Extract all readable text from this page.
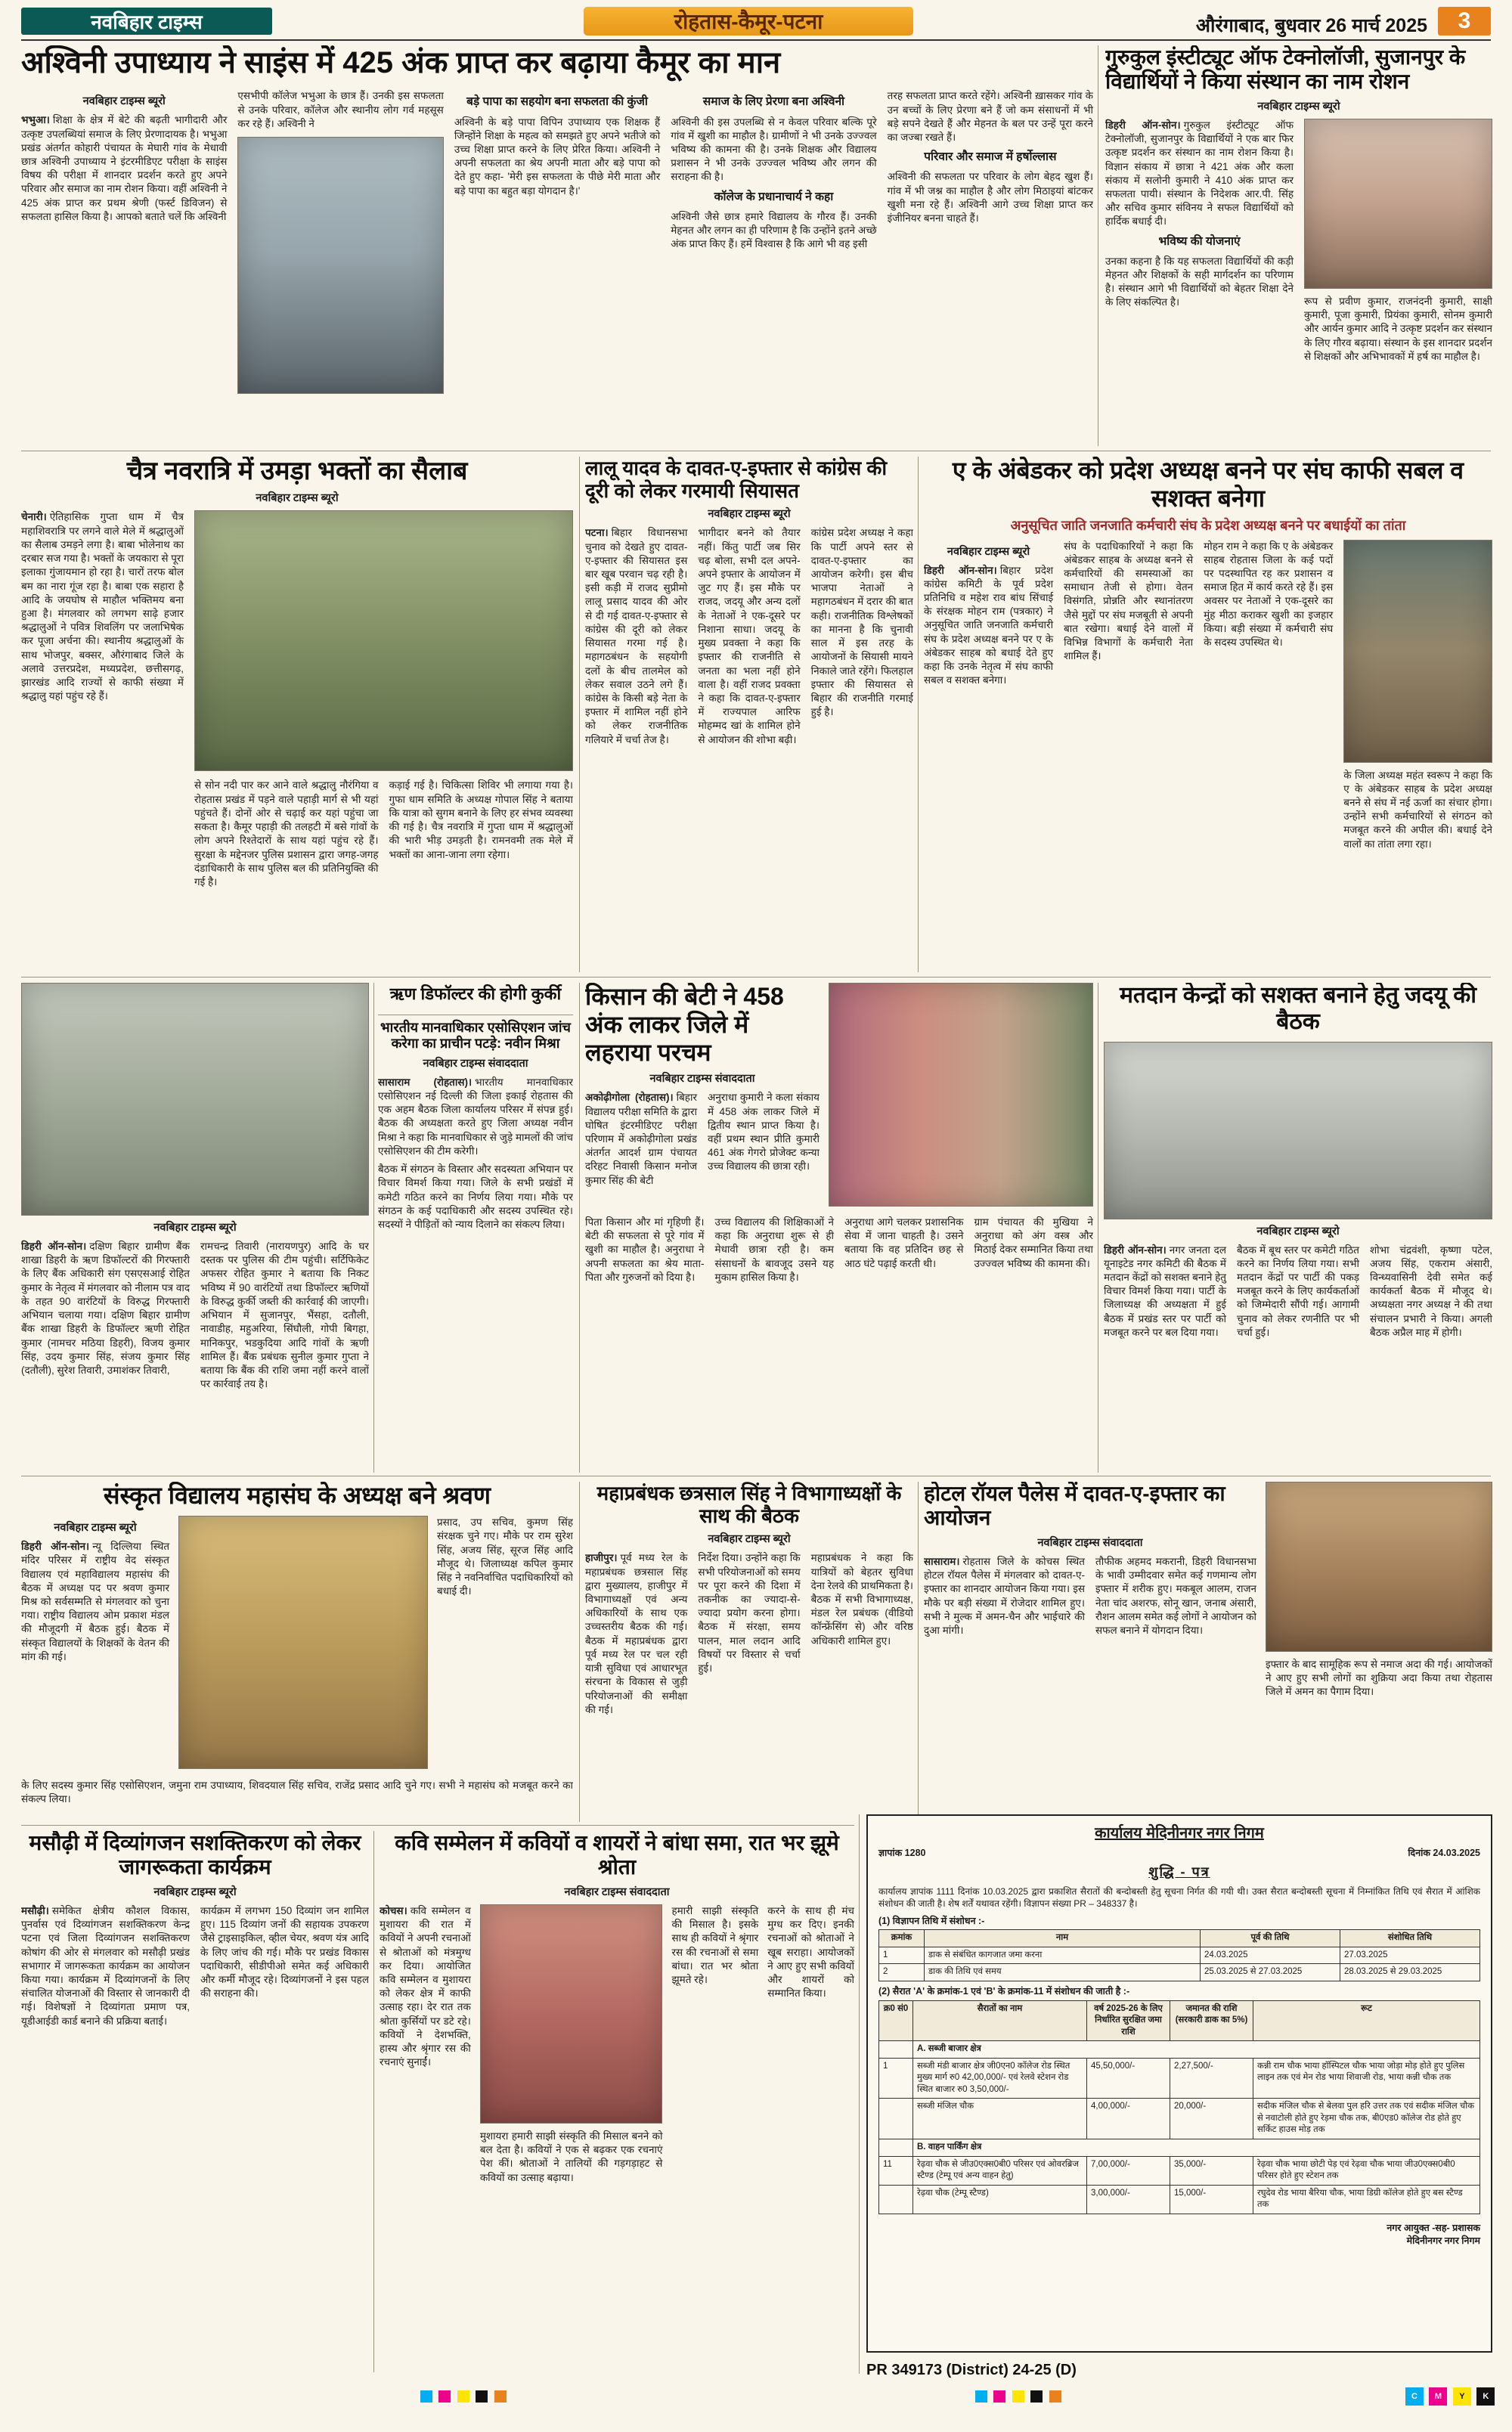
नवबिहार टाइम्स	रोहतास-कैमूर-पटना	औरंगाबाद, बुधवार 26 मार्च 2025	3
अश्विनी उपाध्याय ने साइंस में 425 अंक प्राप्त कर बढ़ाया कैमूर का मान
नवबिहार टाइम्स ब्यूरो

भभुआ। शिक्षा के क्षेत्र में बेटे की बढ़ती भागीदारी और उत्कृष्ट उपलब्धियां समाज के लिए प्रेरणादायक है। भभुआ प्रखंड अंतर्गत कोहारी पंचायत के मेघारी गांव के मेधावी छात्र अश्विनी उपाध्याय ने इंटरमीडिएट परीक्षा के साइंस विषय की परीक्षा में शानदार प्रदर्शन करते हुए अपने परिवार और समाज का नाम रोशन किया। वहीं अश्विनी ने 425 अंक प्राप्त कर प्रथम श्रेणी (फर्स्ट डिविजन) से सफलता हासिल किया है। आपको बताते चलें कि अश्विनी

एसभीपी कॉलेज भभुआ के छात्र हैं। उनकी इस सफलता से उनके परिवार, कॉलेज और स्थानीय लोग गर्व महसूस कर रहे हैं। अश्विनी ने

बड़े पापा का सहयोग बना सफलता की कुंजी

अश्विनी के बड़े पापा विपिन उपाध्याय एक शिक्षक हैं जिन्होंने शिक्षा के महत्व को समझते हुए अपने भतीजे को उच्च शिक्षा प्राप्त करने के लिए प्रेरित किया। अश्विनी ने अपनी सफलता का श्रेय अपनी माता और बड़े पापा को देते हुए कहा- 'मेरी इस सफलता के पीछे मेरी माता और बड़े पापा का बहुत बड़ा योगदान है।'

समाज के लिए प्रेरणा बना अश्विनी

अश्विनी की इस उपलब्धि से न केवल परिवार बल्कि पूरे गांव में खुशी का माहौल है। ग्रामीणों ने भी उनके उज्ज्वल भविष्य की कामना की है। उनके शिक्षक और विद्यालय प्रशासन ने भी उनके उज्ज्वल भविष्य और लगन की सराहना की है।

कॉलेज के प्रधानाचार्य ने कहा

अश्विनी जैसे छात्र हमारे विद्यालय के गौरव हैं। उनकी मेहनत और लगन का ही परिणाम है कि उन्होंने इतने अच्छे अंक प्राप्त किए हैं। हमें विश्वास है कि आगे भी वह इसी

तरह सफलता प्राप्त करते रहेंगे। अश्विनी ख़ासकर गांव के उन बच्चों के लिए प्रेरणा बने हैं जो कम संसाधनों में भी बड़े सपने देखते हैं और मेहनत के बल पर उन्हें पूरा करने का जज्बा रखते हैं।

परिवार और समाज में हर्षोल्लास

अश्विनी की सफलता पर परिवार के लोग बेहद खुश हैं। गांव में भी जश्न का माहौल है और लोग मिठाइयां बांटकर खुशी मना रहे हैं। अश्विनी आगे उच्च शिक्षा प्राप्त कर इंजीनियर बनना चाहते हैं।

गुरुकुल इंस्टीट्यूट ऑफ टेक्नोलॉजी, सुजानपुर के विद्यार्थियों ने किया संस्थान का नाम रोशन
नवबिहार टाइम्स ब्यूरो

डिहरी ऑन-सोन। गुरुकुल इंस्टीट्यूट ऑफ टेक्नोलॉजी, सुजानपुर के विद्यार्थियों ने एक बार फिर उत्कृष्ट प्रदर्शन कर संस्थान का नाम रोशन किया है। विज्ञान संकाय में छात्रा ने 421 अंक और कला संकाय में सलोनी कुमारी ने 410 अंक प्राप्त कर सफलता पायी। संस्थान के निदेशक आर.पी. सिंह और सचिव कुमार संविनय ने सफल विद्यार्थियों को हार्दिक बधाई दी।

भविष्य की योजनाएं

उनका कहना है कि यह सफलता विद्यार्थियों की कड़ी मेहनत और शिक्षकों के सही मार्गदर्शन का परिणाम है। संस्थान आगे भी विद्यार्थियों को बेहतर शिक्षा देने के लिए संकल्पित है।	रूप से प्रवीण कुमार, राजनंदनी कुमारी, साक्षी कुमारी, पूजा कुमारी, प्रियंका कुमारी, सोनम कुमारी और आर्यन कुमार आदि ने उत्कृष्ट प्रदर्शन कर संस्थान के लिए गौरव बढ़ाया। संस्थान के इस शानदार प्रदर्शन से शिक्षकों और अभिभावकों में हर्ष का माहौल है।

चैत्र नवरात्रि में उमड़ा भक्तों का सैलाब
नवबिहार टाइम्स ब्यूरो

चेनारी। ऐतिहासिक गुप्ता धाम में चैत्र महाशिवरात्रि पर लगने वाले मेले में श्रद्धालुओं का सैलाब उमड़ने लगा है। बाबा भोलेनाथ का दरबार सज गया है। भक्तों के जयकारा से पूरा इलाका गुंजायमान हो रहा है। चारों तरफ बोल बम का नारा गूंज रहा है। बाबा एक सहारा है आदि के जयघोष से माहौल भक्तिमय बना हुआ है। मंगलवार को लगभग साढ़े हजार श्रद्धालुओं ने पवित्र शिवलिंग पर जलाभिषेक कर पूजा अर्चना की। स्थानीय श्रद्धालुओं के साथ भोजपुर, बक्सर, औरंगाबाद जिले के अलावे उत्तरप्रदेश, मध्यप्रदेश, छत्तीसगढ़, झारखंड आदि राज्यों से काफी संख्या में श्रद्धालु यहां पहुंच रहे हैं।

से सोन नदी पार कर आने वाले श्रद्धालु नौरंगिया व रोहतास प्रखंड में पड़ने वाले पहाड़ी मार्ग से भी यहां पहुंचते हैं। दोनों ओर से चढ़ाई कर यहां पहुंचा जा सकता है। कैमूर पहाड़ी की तलहटी में बसे गांवों के लोग अपने रिश्तेदारों के साथ यहां पहुंच रहे हैं। सुरक्षा के मद्देनजर पुलिस प्रशासन द्वारा जगह-जगह दंडाधिकारी के साथ पुलिस बल की प्रतिनियुक्ति की गई है।

कड़ाई गई है। चिकित्सा शिविर भी लगाया गया है। गुफा धाम समिति के अध्यक्ष गोपाल सिंह ने बताया कि यात्रा को सुगम बनाने के लिए हर संभव व्यवस्था की गई है। चैत्र नवरात्रि में गुप्ता धाम में श्रद्धालुओं की भारी भीड़ उमड़ती है। रामनवमी तक मेले में भक्तों का आना-जाना लगा रहेगा।

लालू यादव के दावत-ए-इफ्तार से कांग्रेस की दूरी को लेकर गरमायी सियासत
नवबिहार टाइम्स ब्यूरो

पटना। बिहार विधानसभा चुनाव को देखते हुए दावत-ए-इफ्तार की सियासत इस बार खूब परवान चढ़ रही है। इसी कड़ी में राजद सुप्रीमो लालू प्रसाद यादव की ओर से दी गई दावत-ए-इफ्तार से कांग्रेस की दूरी को लेकर सियासत गरमा गई है। महागठबंधन के सहयोगी दलों के बीच तालमेल को लेकर सवाल उठने लगे हैं। कांग्रेस के किसी बड़े नेता के इफ्तार में शामिल नहीं होने को लेकर राजनीतिक गलियारे में चर्चा तेज है।

भागीदार बनने को तैयार नहीं। किंतु पार्टी जब सिर चढ़ बोला, सभी दल अपने-अपने इफ्तार के आयोजन में जुट गए हैं। इस मौके पर राजद, जदयू और अन्य दलों के नेताओं ने एक-दूसरे पर निशाना साधा। जदयू के मुख्य प्रवक्ता ने कहा कि इफ्तार की राजनीति से जनता का भला नहीं होने वाला है। वहीं राजद प्रवक्ता ने कहा कि दावत-ए-इफ्तार में राज्यपाल आरिफ मोहम्मद खां के शामिल होने से आयोजन की शोभा बढ़ी।

कांग्रेस प्रदेश अध्यक्ष ने कहा कि पार्टी अपने स्तर से दावत-ए-इफ्तार का आयोजन करेगी। इस बीच भाजपा नेताओं ने महागठबंधन में दरार की बात कही। राजनीतिक विश्लेषकों का मानना है कि चुनावी साल में इस तरह के आयोजनों के सियासी मायने निकाले जाते रहेंगे। फिलहाल इफ्तार की सियासत से बिहार की राजनीति गरमाई हुई है।

ए के अंबेडकर को प्रदेश अध्यक्ष बनने पर संघ काफी सबल व सशक्त बनेगा
अनुसूचित जाति जनजाति कर्मचारी संघ के प्रदेश अध्यक्ष बनने पर बधाईयों का तांता
नवबिहार टाइम्स ब्यूरो

डिहरी ऑन-सोन। बिहार प्रदेश कांग्रेस कमिटी के पूर्व प्रदेश प्रतिनिधि व महेश राव बांध सिंचाई के संरक्षक मोहन राम (पत्रकार) ने अनुसूचित जाति जनजाति कर्मचारी संघ के प्रदेश अध्यक्ष बनने पर ए के अंबेडकर साहब को बधाई देते हुए कहा कि उनके नेतृत्व में संघ काफी सबल व सशक्त बनेगा।

संघ के पदाधिकारियों ने कहा कि अंबेडकर साहब के अध्यक्ष बनने से कर्मचारियों की समस्याओं का समाधान तेजी से होगा। वेतन विसंगति, प्रोन्नति और स्थानांतरण जैसे मुद्दों पर संघ मजबूती से अपनी बात रखेगा। बधाई देने वालों में विभिन्न विभागों के कर्मचारी नेता शामिल हैं।

मोहन राम ने कहा कि ए के अंबेडकर साहब रोहतास जिला के कई पदों पर पदस्थापित रह कर प्रशासन व समाज हित में कार्य करते रहे हैं। इस अवसर पर नेताओं ने एक-दूसरे का मुंह मीठा कराकर खुशी का इजहार किया। बड़ी संख्या में कर्मचारी संघ के सदस्य उपस्थित थे।

के जिला अध्यक्ष महंत स्वरूप ने कहा कि ए के अंबेडकर साहब के प्रदेश अध्यक्ष बनने से संघ में नई ऊर्जा का संचार होगा। उन्होंने सभी कर्मचारियों से संगठन को मजबूत करने की अपील की। बधाई देने वालों का तांता लगा रहा।

नवबिहार टाइम्स ब्यूरो

डिहरी ऑन-सोन। दक्षिण बिहार ग्रामीण बैंक शाखा डिहरी के ऋण डिफॉल्टरों की गिरफ्तारी के लिए बैंक अधिकारी संग एसएसआई रोहित कुमार के नेतृत्व में मंगलवार को नीलाम पत्र वाद के तहत 90 वारंटियों के विरुद्ध गिरफ्तारी अभियान चलाया गया। दक्षिण बिहार ग्रामीण बैंक शाखा डिहरी के डिफॉल्टर ऋणी रोहित कुमार (नामचर मठिया डिहरी), विजय कुमार सिंह, उदय कुमार सिंह, संजय कुमार सिंह (दतौली), सुरेश तिवारी, उमाशंकर तिवारी,

रामचन्द्र तिवारी (नारायणपुर) आदि के घर दस्तक पर पुलिस की टीम पहुंची। सर्टिफिकेट अफसर रोहित कुमार ने बताया कि निकट भविष्य में 90 वारंटियों तथा डिफॉल्टर ऋणियों के विरुद्ध कुर्की जब्ती की कार्रवाई की जाएगी। अभियान में सुजानपुर, भैंसहा, दतौली, नावाडीह, महुअरिया, सिंघौली, गोपी बिगहा, मानिकपुर, भडकुदिया आदि गांवों के ऋणी शामिल हैं। बैंक प्रबंधक सुनील कुमार गुप्ता ने बताया कि बैंक की राशि जमा नहीं करने वालों पर कार्रवाई तय है।

ऋण डिफॉल्टर की होगी कुर्की
भारतीय मानवाधिकार एसोसिएशन जांच करेगा का प्राचीन पटड़े: नवीन मिश्रा
नवबिहार टाइम्स संवाददाता

सासाराम (रोहतास)। भारतीय मानवाधिकार एसोसिएशन नई दिल्ली की जिला इकाई रोहतास की एक अहम बैठक जिला कार्यालय परिसर में संपन्न हुई। बैठक की अध्यक्षता करते हुए जिला अध्यक्ष नवीन मिश्रा ने कहा कि मानवाधिकार से जुड़े मामलों की जांच एसोसिएशन की टीम करेगी।

बैठक में संगठन के विस्तार और सदस्यता अभियान पर विचार विमर्श किया गया। जिले के सभी प्रखंडों में कमेटी गठित करने का निर्णय लिया गया। मौके पर संगठन के कई पदाधिकारी और सदस्य उपस्थित रहे। सदस्यों ने पीड़ितों को न्याय दिलाने का संकल्प लिया।

किसान की बेटी ने 458 अंक लाकर जिले में लहराया परचम
नवबिहार टाइम्स संवाददाता

अकोढ़ीगोला (रोहतास)। बिहार विद्यालय परीक्षा समिति के द्वारा घोषित इंटरमीडिएट परीक्षा परिणाम में अकोढ़ीगोला प्रखंड अंतर्गत आदर्श ग्राम पंचायत दरिहट निवासी किसान मनोज कुमार सिंह की बेटी

अनुराधा कुमारी ने कला संकाय में 458 अंक लाकर जिले में द्वितीय स्थान प्राप्त किया है। वहीं प्रथम स्थान प्रीति कुमारी 461 अंक गेगरो प्रोजेक्ट कन्या उच्च विद्यालय की छात्रा रही।

पिता किसान और मां गृहिणी हैं। बेटी की सफलता से पूरे गांव में खुशी का माहौल है। अनुराधा ने अपनी सफलता का श्रेय माता-पिता और गुरुजनों को दिया है।

उच्च विद्यालय की शिक्षिकाओं ने कहा कि अनुराधा शुरू से ही मेधावी छात्रा रही है। कम संसाधनों के बावजूद उसने यह मुकाम हासिल किया है।

अनुराधा आगे चलकर प्रशासनिक सेवा में जाना चाहती है। उसने बताया कि वह प्रतिदिन छह से आठ घंटे पढ़ाई करती थी।

ग्राम पंचायत की मुखिया ने अनुराधा को अंग वस्त्र और मिठाई देकर सम्मानित किया तथा उज्ज्वल भविष्य की कामना की।

मतदान केन्द्रों को सशक्त बनाने हेतु जदयू की बैठक
नवबिहार टाइम्स ब्यूरो

डिहरी ऑन-सोन। नगर जनता दल यूनाइटेड नगर कमिटी की बैठक में मतदान केंद्रों को सशक्त बनाने हेतु विचार विमर्श किया गया। पार्टी के जिलाध्यक्ष की अध्यक्षता में हुई बैठक में प्रखंड स्तर पर पार्टी को मजबूत करने पर बल दिया गया।

बैठक में बूथ स्तर पर कमेटी गठित करने का निर्णय लिया गया। सभी मतदान केंद्रों पर पार्टी की पकड़ मजबूत करने के लिए कार्यकर्ताओं को जिम्मेदारी सौंपी गई। आगामी चुनाव को लेकर रणनीति पर भी चर्चा हुई।

शोभा चंद्रवंशी, कृष्णा पटेल, अजय सिंह, एकराम अंसारी, विन्ध्यवासिनी देवी समेत कई कार्यकर्ता बैठक में मौजूद थे। अध्यक्षता नगर अध्यक्ष ने की तथा संचालन प्रभारी ने किया। अगली बैठक अप्रैल माह में होगी।

संस्कृत विद्यालय महासंघ के अध्यक्ष बने श्रवण
नवबिहार टाइम्स ब्यूरो

डिहरी ऑन-सोन। न्यू दिल्लिया स्थित मंदिर परिसर में राष्ट्रीय वेद संस्कृत विद्यालय एवं महाविद्यालय महासंघ की बैठक में अध्यक्ष पद पर श्रवण कुमार मिश्र को सर्वसम्मति से मंगलवार को चुना गया। राष्ट्रीय विद्यालय ओम प्रकाश मंडल की मौजूदगी में बैठक हुई। बैठक में संस्कृत विद्यालयों के शिक्षकों के वेतन की मांग की गई।

प्रसाद, उप सचिव, कुमण सिंह संरक्षक चुने गए। मौके पर राम सुरेश सिंह, अजय सिंह, सूरज सिंह आदि मौजूद थे। जिलाध्यक्ष कपिल कुमार सिंह ने नवनिर्वाचित पदाधिकारियों को बधाई दी।

के लिए सदस्य कुमार सिंह एसोसिएशन, जमुना राम उपाध्याय, शिवदयाल सिंह सचिव, राजेंद्र प्रसाद आदि चुने गए। सभी ने महासंघ को मजबूत करने का संकल्प लिया।

महाप्रबंधक छत्रसाल सिंह ने विभागाध्यक्षों के साथ की बैठक
नवबिहार टाइम्स ब्यूरो

हाजीपुर। पूर्व मध्य रेल के महाप्रबंधक छत्रसाल सिंह द्वारा मुख्यालय, हाजीपुर में विभागाध्यक्षों एवं अन्य अधिकारियों के साथ एक उच्चस्तरीय बैठक की गई। बैठक में महाप्रबंधक द्वारा पूर्व मध्य रेल पर चल रही यात्री सुविधा एवं आधारभूत संरचना के विकास से जुड़ी परियोजनाओं की समीक्षा की गई।

निर्देश दिया। उन्होंने कहा कि सभी परियोजनाओं को समय पर पूरा करने की दिशा में तकनीक का ज्यादा-से-ज्यादा प्रयोग करना होगा। बैठक में संरक्षा, समय पालन, माल लदान आदि विषयों पर विस्तार से चर्चा हुई।

महाप्रबंधक ने कहा कि यात्रियों को बेहतर सुविधा देना रेलवे की प्राथमिकता है। बैठक में सभी विभागाध्यक्ष, मंडल रेल प्रबंधक (वीडियो कॉन्फ्रेंसिंग से) और वरिष्ठ अधिकारी शामिल हुए।

होटल रॉयल पैलेस में दावत-ए-इफ्तार का आयोजन
नवबिहार टाइम्स संवाददाता

सासाराम। रोहतास जिले के कोचस स्थित होटल रॉयल पैलेस में मंगलवार को दावत-ए-इफ्तार का शानदार आयोजन किया गया। इस मौके पर बड़ी संख्या में रोजेदार शामिल हुए। सभी ने मुल्क में अमन-चैन और भाईचारे की दुआ मांगी।

तौफीक अहमद मकरानी, डिहरी विधानसभा के भावी उम्मीदवार समेत कई गणमान्य लोग इफ्तार में शरीक हुए। मकबूल आलम, राजन नेता चांद अशरफ, सोनू खान, जनाब अंसारी, रौशन आलम समेत कई लोगों ने आयोजन को सफल बनाने में योगदान दिया।

इफ्तार के बाद सामूहिक रूप से नमाज अदा की गई। आयोजकों ने आए हुए सभी लोगों का शुक्रिया अदा किया तथा रोहतास जिले में अमन का पैगाम दिया।

मसौढ़ी में दिव्यांगजन सशक्तिकरण को लेकर जागरूकता कार्यक्रम
नवबिहार टाइम्स ब्यूरो

मसौढ़ी। समेकित क्षेत्रीय कौशल विकास, पुनर्वास एवं दिव्यांगजन सशक्तिकरण केन्द्र पटना एवं जिला दिव्यांगजन सशक्तिकरण कोषांग की ओर से मंगलवार को मसौढ़ी प्रखंड सभागार में जागरूकता कार्यक्रम का आयोजन किया गया। कार्यक्रम में दिव्यांगजनों के लिए संचालित योजनाओं की विस्तार से जानकारी दी गई। विशेषज्ञों ने दिव्यांगता प्रमाण पत्र, यूडीआईडी कार्ड बनाने की प्रक्रिया बताई।

कार्यक्रम में लगभग 150 दिव्यांग जन शामिल हुए। 115 दिव्यांग जनों की सहायक उपकरण जैसे ट्राइसाइकिल, व्हील चेयर, श्रवण यंत्र आदि के लिए जांच की गई। मौके पर प्रखंड विकास पदाधिकारी, सीडीपीओ समेत कई अधिकारी और कर्मी मौजूद रहे। दिव्यांगजनों ने इस पहल की सराहना की।

कवि सम्मेलन में कवियों व शायरों ने बांधा समा, रात भर झूमे श्रोता
नवबिहार टाइम्स संवाददाता

कोचस। कवि सम्मेलन व मुशायरा की रात में कवियों ने अपनी रचनाओं से श्रोताओं को मंत्रमुग्ध कर दिया। आयोजित कवि सम्मेलन व मुशायरा को लेकर क्षेत्र में काफी उत्साह रहा। देर रात तक श्रोता कुर्सियों पर डटे रहे। कवियों ने देशभक्ति, हास्य और श्रृंगार रस की रचनाएं सुनाईं।

मुशायरा हमारी साझी संस्कृति की मिसाल बनने को बल देता है। कवियों ने एक से बढ़कर एक रचनाएं पेश कीं। श्रोताओं ने तालियों की गड़गड़ाहट से कवियों का उत्साह बढ़ाया।

हमारी साझी संस्कृति की मिसाल है। इसके साथ ही कवियों ने श्रृंगार रस की रचनाओं से समा बांधा। रात भर श्रोता झूमते रहे।

करने के साथ ही मंच मुग्ध कर दिए। इनकी रचनाओं को श्रोताओं ने खूब सराहा। आयोजकों ने आए हुए सभी कवियों और शायरों को सम्मानित किया।

कार्यालय मेदिनीनगर नगर निगम
ज्ञापांक 1280	दिनांक 24.03.2025
शुद्धि - पत्र

कार्यालय ज्ञापांक 1111 दिनांक 10.03.2025 द्वारा प्रकाशित सैरातों की बन्दोबस्ती हेतु सूचना निर्गत की गयी थी। उक्त सैरात बन्दोबस्ती सूचना में निम्नांकित तिथि एवं सैरात में आंशिक संशोधन की जाती है। शेष शर्तें यथावत रहेंगी। विज्ञापन संख्या PR – 348337 है।

(1) विज्ञापन तिथि में संशोधन :-
क्रमांक	नाम	पूर्व की तिथि	संशोधित तिथि
1	डाक से संबंधित कागजात जमा करना	24.03.2025	27.03.2025
2	डाक की तिथि एवं समय	25.03.2025 से 27.03.2025	28.03.2025 से 29.03.2025
(2) सैरात 'A' के क्रमांक-1 एवं 'B' के क्रमांक-11 में संशोधन की जाती है :-
क्र0 सं0	सैरातों का नाम	वर्ष 2025-26 के लिए निर्धारित सुरक्षित जमा राशि	जमानत की राशि (सरकारी डाक का 5%)	रूट
	A. सब्जी बाजार क्षेत्र			
1	सब्जी मंडी बाजार क्षेत्र जी0एन0 कॉलेज रोड स्थित मुख्य मार्ग रु0 42,00,000/- एवं रेलवे स्टेशन रोड स्थित बाजार रु0 3,50,000/-	45,50,000/-	2,27,500/-	कन्नी राम चौक भाया हॉस्पिटल चौक भाया जोड़ा मोड़ होते हुए पुलिस लाइन तक एवं मेन रोड भाया शिवाजी रोड, भाया कन्नी चौक तक
	सब्जी मंजिल चौक	4,00,000/-	20,000/-	सदीक मंजिल चौक से बेलवा पुल हरि उत्तर तक एवं सदीक मंजिल चौक से नवाटोली होते हुए रेड़मा चौक तक, बी0एड0 कॉलेज रोड होते हुए सर्किट हाउस मोड़ तक
	B. वाहन पार्किंग क्षेत्र			
11	रेढ़वा चौक से जीउ0एक्स0बी0 परिसर एवं ओवरब्रिज स्टैण्ड (टेम्पू एवं अन्य वाहन हेतु)	7,00,000/-	35,000/-	रेढ़वा चौक भाया छोटी पेड़ एवं रेढ़वा चौक भाया जीउ0एक्स0बी0 परिसर होते हुए स्टेशन तक
	रेढ़वा चौक (टेम्पू स्टैण्ड)	3,00,000/-	15,000/-	रघुदेव रोड भाया बैरिया चौक, भाया डिग्री कॉलेज होते हुए बस स्टैण्ड तक
नगर आयुक्त -सह- प्रशासक
मेदिनीनगर नगर निगम
PR 349173 (District) 24-25 (D)

C
M
Y
K
